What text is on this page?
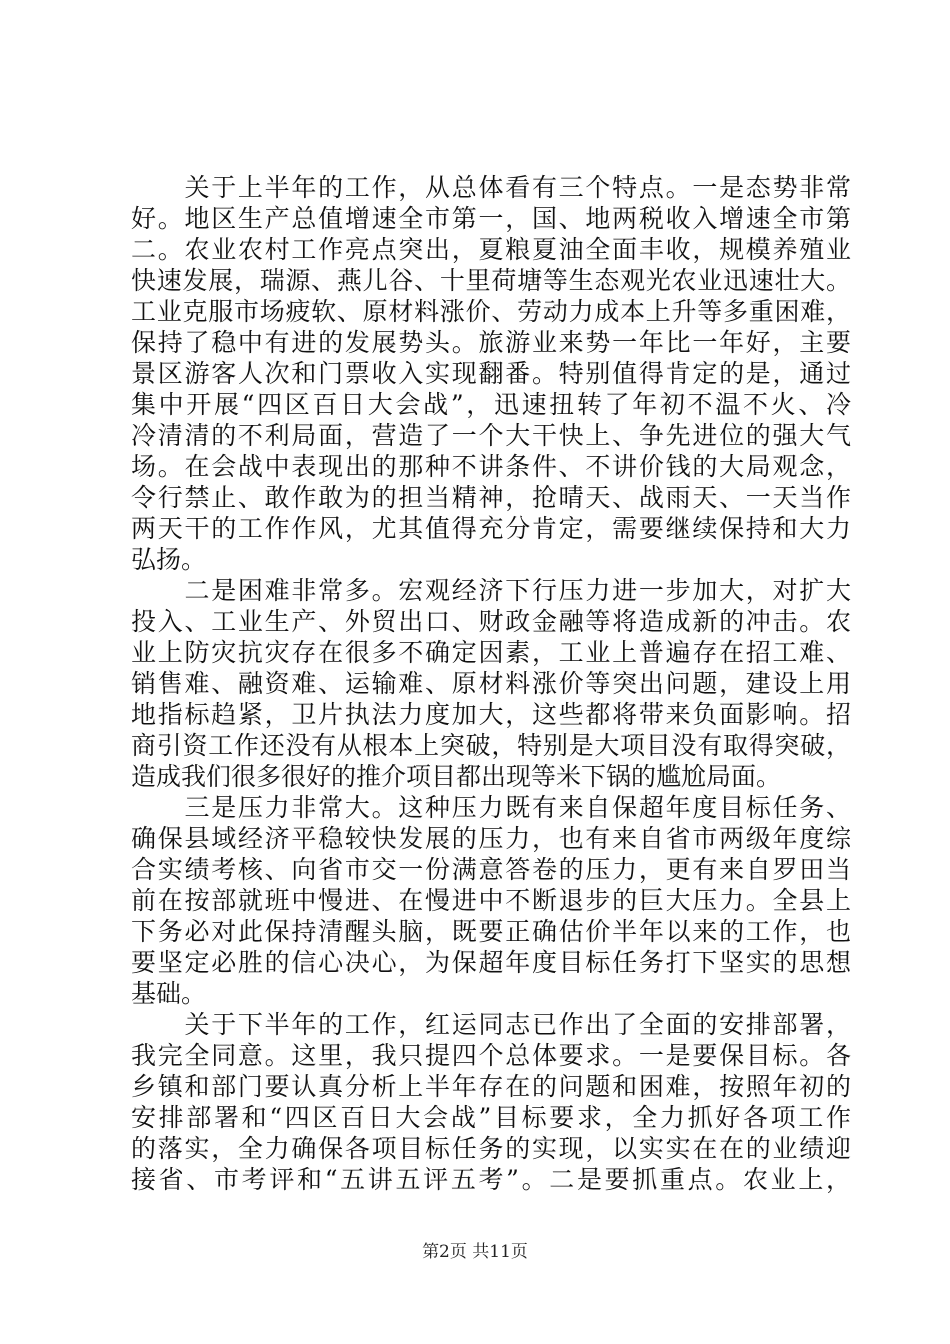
　　关于上半年的工作，从总体看有三个特点。一是态势非常
好。地区生产总值增速全市第一，国、地两税收入增速全市第
二。农业农村工作亮点突出，夏粮夏油全面丰收，规模养殖业
快速发展，瑞源、燕儿谷、十里荷塘等生态观光农业迅速壮大。
工业克服市场疲软、原材料涨价、劳动力成本上升等多重困难，
保持了稳中有进的发展势头。旅游业来势一年比一年好，主要
景区游客人次和门票收入实现翻番。特别值得肯定的是，通过
集中开展“四区百日大会战”，迅速扭转了年初不温不火、冷
冷清清的不利局面，营造了一个大干快上、争先进位的强大气
场。在会战中表现出的那种不讲条件、不讲价钱的大局观念，
令行禁止、敢作敢为的担当精神，抢晴天、战雨天、一天当作
两天干的工作作风，尤其值得充分肯定，需要继续保持和大力
弘扬。
　　二是困难非常多。宏观经济下行压力进一步加大，对扩大
投入、工业生产、外贸出口、财政金融等将造成新的冲击。农
业上防灾抗灾存在很多不确定因素，工业上普遍存在招工难、
销售难、融资难、运输难、原材料涨价等突出问题，建设上用
地指标趋紧，卫片执法力度加大，这些都将带来负面影响。招
商引资工作还没有从根本上突破，特别是大项目没有取得突破，
造成我们很多很好的推介项目都出现等米下锅的尴尬局面。
　　三是压力非常大。这种压力既有来自保超年度目标任务、
确保县域经济平稳较快发展的压力，也有来自省市两级年度综
合实绩考核、向省市交一份满意答卷的压力，更有来自罗田当
前在按部就班中慢进、在慢进中不断退步的巨大压力。全县上
下务必对此保持清醒头脑，既要正确估价半年以来的工作，也
要坚定必胜的信心决心，为保超年度目标任务打下坚实的思想
基础。
　　关于下半年的工作，红运同志已作出了全面的安排部署，
我完全同意。这里，我只提四个总体要求。一是要保目标。各
乡镇和部门要认真分析上半年存在的问题和困难，按照年初的
安排部署和“四区百日大会战”目标要求，全力抓好各项工作
的落实，全力确保各项目标任务的实现，以实实在在的业绩迎
接省、市考评和“五讲五评五考”。二是要抓重点。农业上，
第2页 共11页
